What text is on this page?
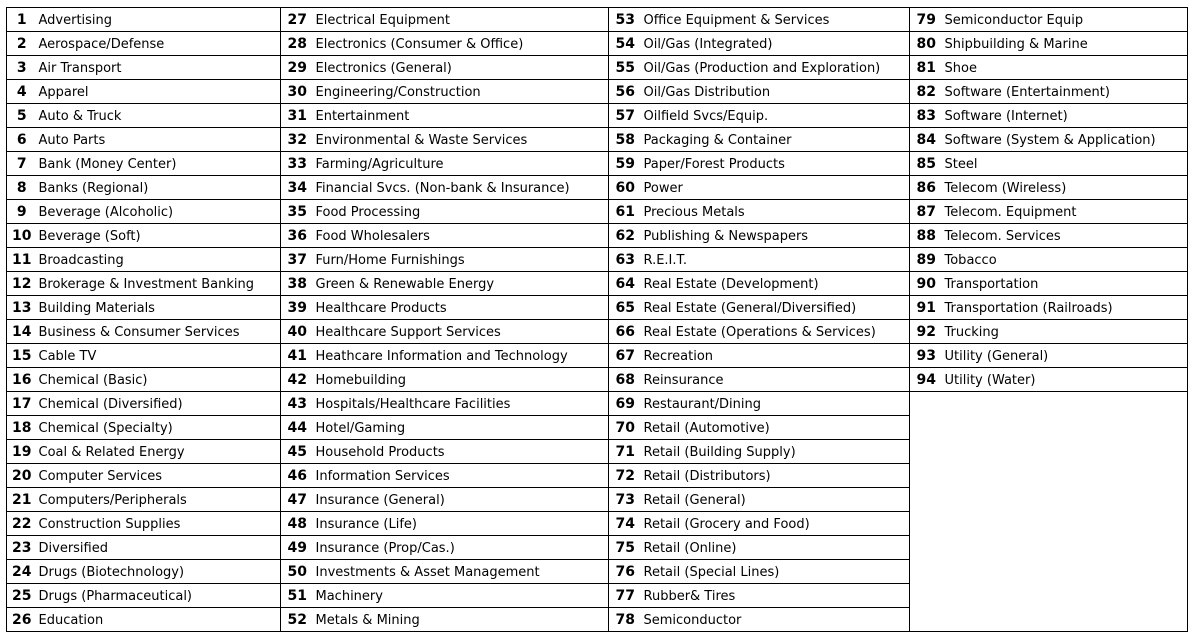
1	Advertising	27	Electrical Equipment	53	Office Equipment & Services	79	Semiconductor Equip
2	Aerospace/Defense	28	Electronics (Consumer & Office)	54	Oil/Gas (Integrated)	80	Shipbuilding & Marine
3	Air Transport	29	Electronics (General)	55	Oil/Gas (Production and Exploration)	81	Shoe
4	Apparel	30	Engineering/Construction	56	Oil/Gas Distribution	82	Software (Entertainment)
5	Auto & Truck	31	Entertainment	57	Oilfield Svcs/Equip.	83	Software (Internet)
6	Auto Parts	32	Environmental & Waste Services	58	Packaging & Container	84	Software (System & Application)
7	Bank (Money Center)	33	Farming/Agriculture	59	Paper/Forest Products	85	Steel
8	Banks (Regional)	34	Financial Svcs. (Non-bank & Insurance)	60	Power	86	Telecom (Wireless)
9	Beverage (Alcoholic)	35	Food Processing	61	Precious Metals	87	Telecom. Equipment
10	Beverage (Soft)	36	Food Wholesalers	62	Publishing & Newspapers	88	Telecom. Services
11	Broadcasting	37	Furn/Home Furnishings	63	R.E.I.T.	89	Tobacco
12	Brokerage & Investment Banking	38	Green & Renewable Energy	64	Real Estate (Development)	90	Transportation
13	Building Materials	39	Healthcare Products	65	Real Estate (General/Diversified)	91	Transportation (Railroads)
14	Business & Consumer Services	40	Healthcare Support Services	66	Real Estate (Operations & Services)	92	Trucking
15	Cable TV	41	Heathcare Information and Technology	67	Recreation	93	Utility (General)
16	Chemical (Basic)	42	Homebuilding	68	Reinsurance	94	Utility (Water)
17	Chemical (Diversified)	43	Hospitals/Healthcare Facilities	69	Restaurant/Dining		
18	Chemical (Specialty)	44	Hotel/Gaming	70	Retail (Automotive)		
19	Coal & Related Energy	45	Household Products	71	Retail (Building Supply)		
20	Computer Services	46	Information Services	72	Retail (Distributors)		
21	Computers/Peripherals	47	Insurance (General)	73	Retail (General)		
22	Construction Supplies	48	Insurance (Life)	74	Retail (Grocery and Food)		
23	Diversified	49	Insurance (Prop/Cas.)	75	Retail (Online)		
24	Drugs (Biotechnology)	50	Investments & Asset Management	76	Retail (Special Lines)		
25	Drugs (Pharmaceutical)	51	Machinery	77	Rubber& Tires		
26	Education	52	Metals & Mining	78	Semiconductor		
